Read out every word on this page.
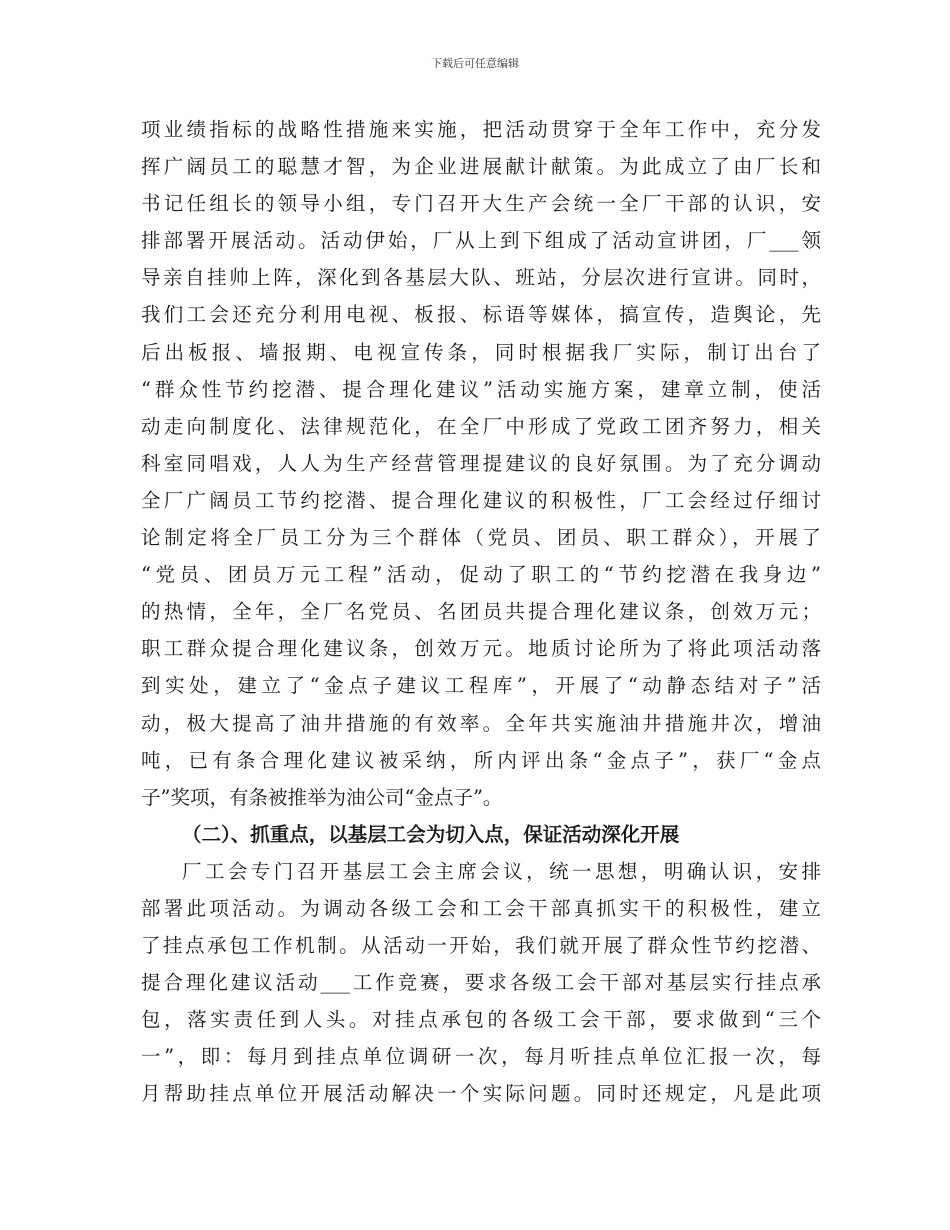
下载后可任意编辑
项业绩指标的战略性措施来实施，把活动贯穿于全年工作中，充分发
挥广阔员工的聪慧才智，为企业进展献计献策。为此成立了由厂长和
书记任组长的领导小组，专门召开大生产会统一全厂干部的认识，安
排部署开展活动。活动伊始，厂从上到下组成了活动宣讲团，厂___领
导亲自挂帅上阵，深化到各基层大队、班站，分层次进行宣讲。同时，
我们工会还充分利用电视、板报、标语等媒体，搞宣传，造舆论，先
后出板报、墙报期、电视宣传条，同时根据我厂实际，制订出台了
“群众性节约挖潜、提合理化建议”活动实施方案，建章立制，使活
动走向制度化、法律规范化，在全厂中形成了党政工团齐努力，相关
科室同唱戏，人人为生产经营管理提建议的良好氛围。为了充分调动
全厂广阔员工节约挖潜、提合理化建议的积极性，厂工会经过仔细讨
论制定将全厂员工分为三个群体（党员、团员、职工群众），开展了
“党员、团员万元工程”活动，促动了职工的“节约挖潜在我身边”
的热情，全年，全厂名党员、名团员共提合理化建议条，创效万元；
职工群众提合理化建议条，创效万元。地质讨论所为了将此项活动落
到实处，建立了“金点子建议工程库”，开展了“动静态结对子”活
动，极大提高了油井措施的有效率。全年共实施油井措施井次，增油
吨，已有条合理化建议被采纳，所内评出条“金点子”，获厂“金点
子”奖项，有条被推举为油公司“金点子”。
（二）、抓重点，以基层工会为切入点，保证活动深化开展
厂工会专门召开基层工会主席会议，统一思想，明确认识，安排
部署此项活动。为调动各级工会和工会干部真抓实干的积极性，建立
了挂点承包工作机制。从活动一开始，我们就开展了群众性节约挖潜、
提合理化建议活动___工作竞赛，要求各级工会干部对基层实行挂点承
包，落实责任到人头。对挂点承包的各级工会干部，要求做到“三个
一”，即：每月到挂点单位调研一次，每月听挂点单位汇报一次，每
月帮助挂点单位开展活动解决一个实际问题。同时还规定，凡是此项
